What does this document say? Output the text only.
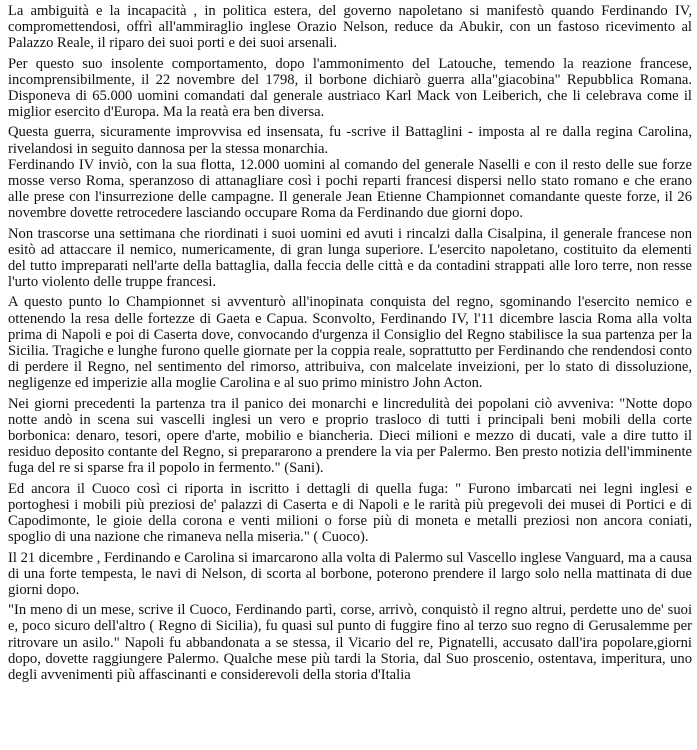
La ambiguità e la incapacità , in politica estera, del governo napoletano si manifestò quando Ferdinando IV, compromettendosi, offrì all'ammiraglio inglese Orazio Nelson, reduce da Abukir, con un fastoso ricevimento al Palazzo Reale, il riparo dei suoi porti e dei suoi arsenali.

Per questo suo insolente comportamento, dopo l'ammonimento del Latouche, temendo la reazione francese, incomprensibilmente, il 22 novembre del 1798, il borbone dichiarò guerra alla"giacobina" Repubblica Romana. Disponeva di 65.000 uomini comandati dal generale austriaco Karl Mack von Leiberich, che li celebrava come il miglior esercito d'Europa. Ma la reatà era ben diversa.

Questa guerra, sicuramente improvvisa ed insensata, fu -scrive il Battaglini - imposta al re dalla regina Carolina, rivelandosi in seguito dannosa per la stessa monarchia.

Ferdinando IV inviò, con la sua flotta, 12.000 uomini al comando del generale Naselli e con il resto delle sue forze mosse verso Roma, speranzoso di attanagliare così i pochi reparti francesi dispersi nello stato romano e che erano alle prese con l'insurrezione delle campagne. Il generale Jean Etienne Championnet comandante queste forze, il 26 novembre dovette retrocedere lasciando occupare Roma da Ferdinando due giorni dopo.

Non trascorse una settimana che riordinati i suoi uomini ed avuti i rincalzi dalla Cisalpina, il generale francese non esitò ad attaccare il nemico, numericamente, di gran lunga superiore. L'esercito napoletano, costituito da elementi del tutto impreparati nell'arte della battaglia, dalla feccia delle città e da contadini strappati alle loro terre, non resse l'urto violento delle truppe francesi.

A questo punto lo Championnet si avventurò all'inopinata conquista del regno, sgominando l'esercito nemico e ottenendo la resa delle fortezze di Gaeta e Capua. Sconvolto, Ferdinando IV, l'11 dicembre lascia Roma alla volta prima di Napoli e poi di Caserta dove, convocando d'urgenza il Consiglio del Regno stabilisce la sua partenza per la Sicilia. Tragiche e lunghe furono quelle giornate per la coppia reale, soprattutto per Ferdinando che rendendosi conto di perdere il Regno, nel sentimento del rimorso, attribuiva, con malcelate inveizioni, per lo stato di dissoluzione, negligenze ed imperizie alla moglie Carolina e al suo primo ministro John Acton.

Nei giorni precedenti la partenza tra il panico dei monarchi e lincredulità dei popolani ciò avveniva: "Notte dopo notte andò in scena sui vascelli inglesi un vero e proprio trasloco di tutti i principali beni mobili della corte borbonica: denaro, tesori, opere d'arte, mobilio e biancheria. Dieci milioni e mezzo di ducati, vale a dire tutto il residuo deposito contante del Regno, si prepararono a prendere la via per Palermo. Ben presto notizia dell'imminente fuga del re si sparse fra il popolo in fermento." (Sani).

Ed ancora il Cuoco così ci riporta in iscritto i dettagli di quella fuga: " Furono imbarcati nei legni inglesi e portoghesi i mobili più preziosi de' palazzi di Caserta e di Napoli e le rarità più pregevoli dei musei di Portici e di Capodimonte, le gioie della corona e venti milioni o forse più di moneta e metalli preziosi non ancora coniati, spoglio di una nazione che rimaneva nella miseria." ( Cuoco).

Il 21 dicembre , Ferdinando e Carolina si imarcarono alla volta di Palermo sul Vascello inglese Vanguard, ma a causa di una forte tempesta, le navi di Nelson, di scorta al borbone, poterono prendere il largo solo nella mattinata di due giorni dopo.

"In meno di un mese, scrive il Cuoco, Ferdinando partì, corse, arrivò, conquistò il regno altrui, perdette uno de' suoi e, poco sicuro dell'altro ( Regno di Sicilia), fu quasi sul punto di fuggire fino al terzo suo regno di Gerusalemme per ritrovare un asilo." Napoli fu abbandonata a se stessa, il Vicario del re, Pignatelli, accusato dall'ira popolare,giorni dopo, dovette raggiungere Palermo. Qualche mese più tardi la Storia, dal Suo proscenio, ostentava, imperitura, uno degli avvenimenti più affascinanti e considerevoli della storia d'Italia
